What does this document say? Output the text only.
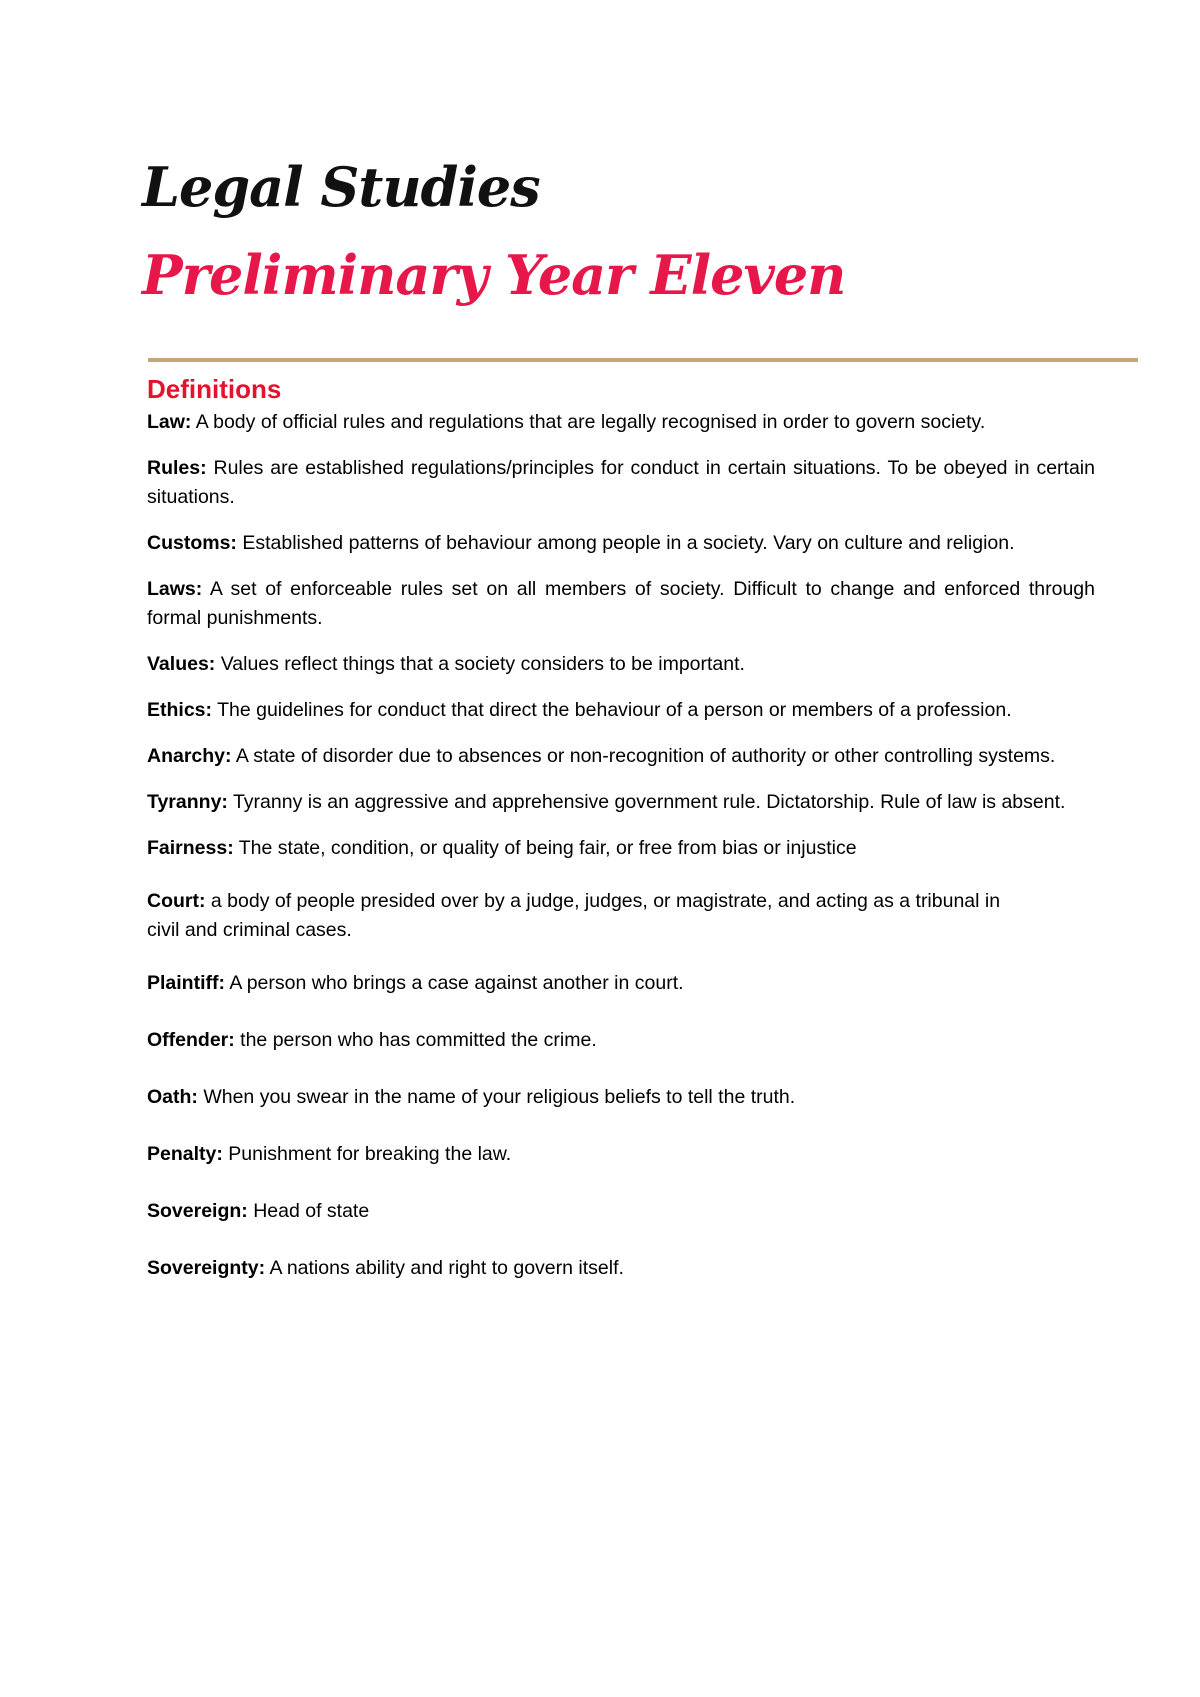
Legal Studies
Preliminary Year Eleven
Definitions

Law: A body of official rules and regulations that are legally recognised in order to govern society.

Rules: Rules are established regulations/principles for conduct in certain situations. To be obeyed in certain situations.

Customs: Established patterns of behaviour among people in a society. Vary on culture and religion.

Laws: A set of enforceable rules set on all members of society. Difficult to change and enforced through formal punishments.

Values: Values reflect things that a society considers to be important.

Ethics: The guidelines for conduct that direct the behaviour of a person or members of a profession.

Anarchy: A state of disorder due to absences or non-recognition of authority or other controlling systems.

Tyranny: Tyranny is an aggressive and apprehensive government rule. Dictatorship. Rule of law is absent.

Fairness: The state, condition, or quality of being fair, or free from bias or injustice

Court: a body of people presided over by a judge, judges, or magistrate, and acting as a tribunal in civil and criminal cases.

Plaintiff: A person who brings a case against another in court.

Offender: the person who has committed the crime.

Oath: When you swear in the name of your religious beliefs to tell the truth.

Penalty: Punishment for breaking the law.

Sovereign: Head of state

Sovereignty: A nations ability and right to govern itself.
